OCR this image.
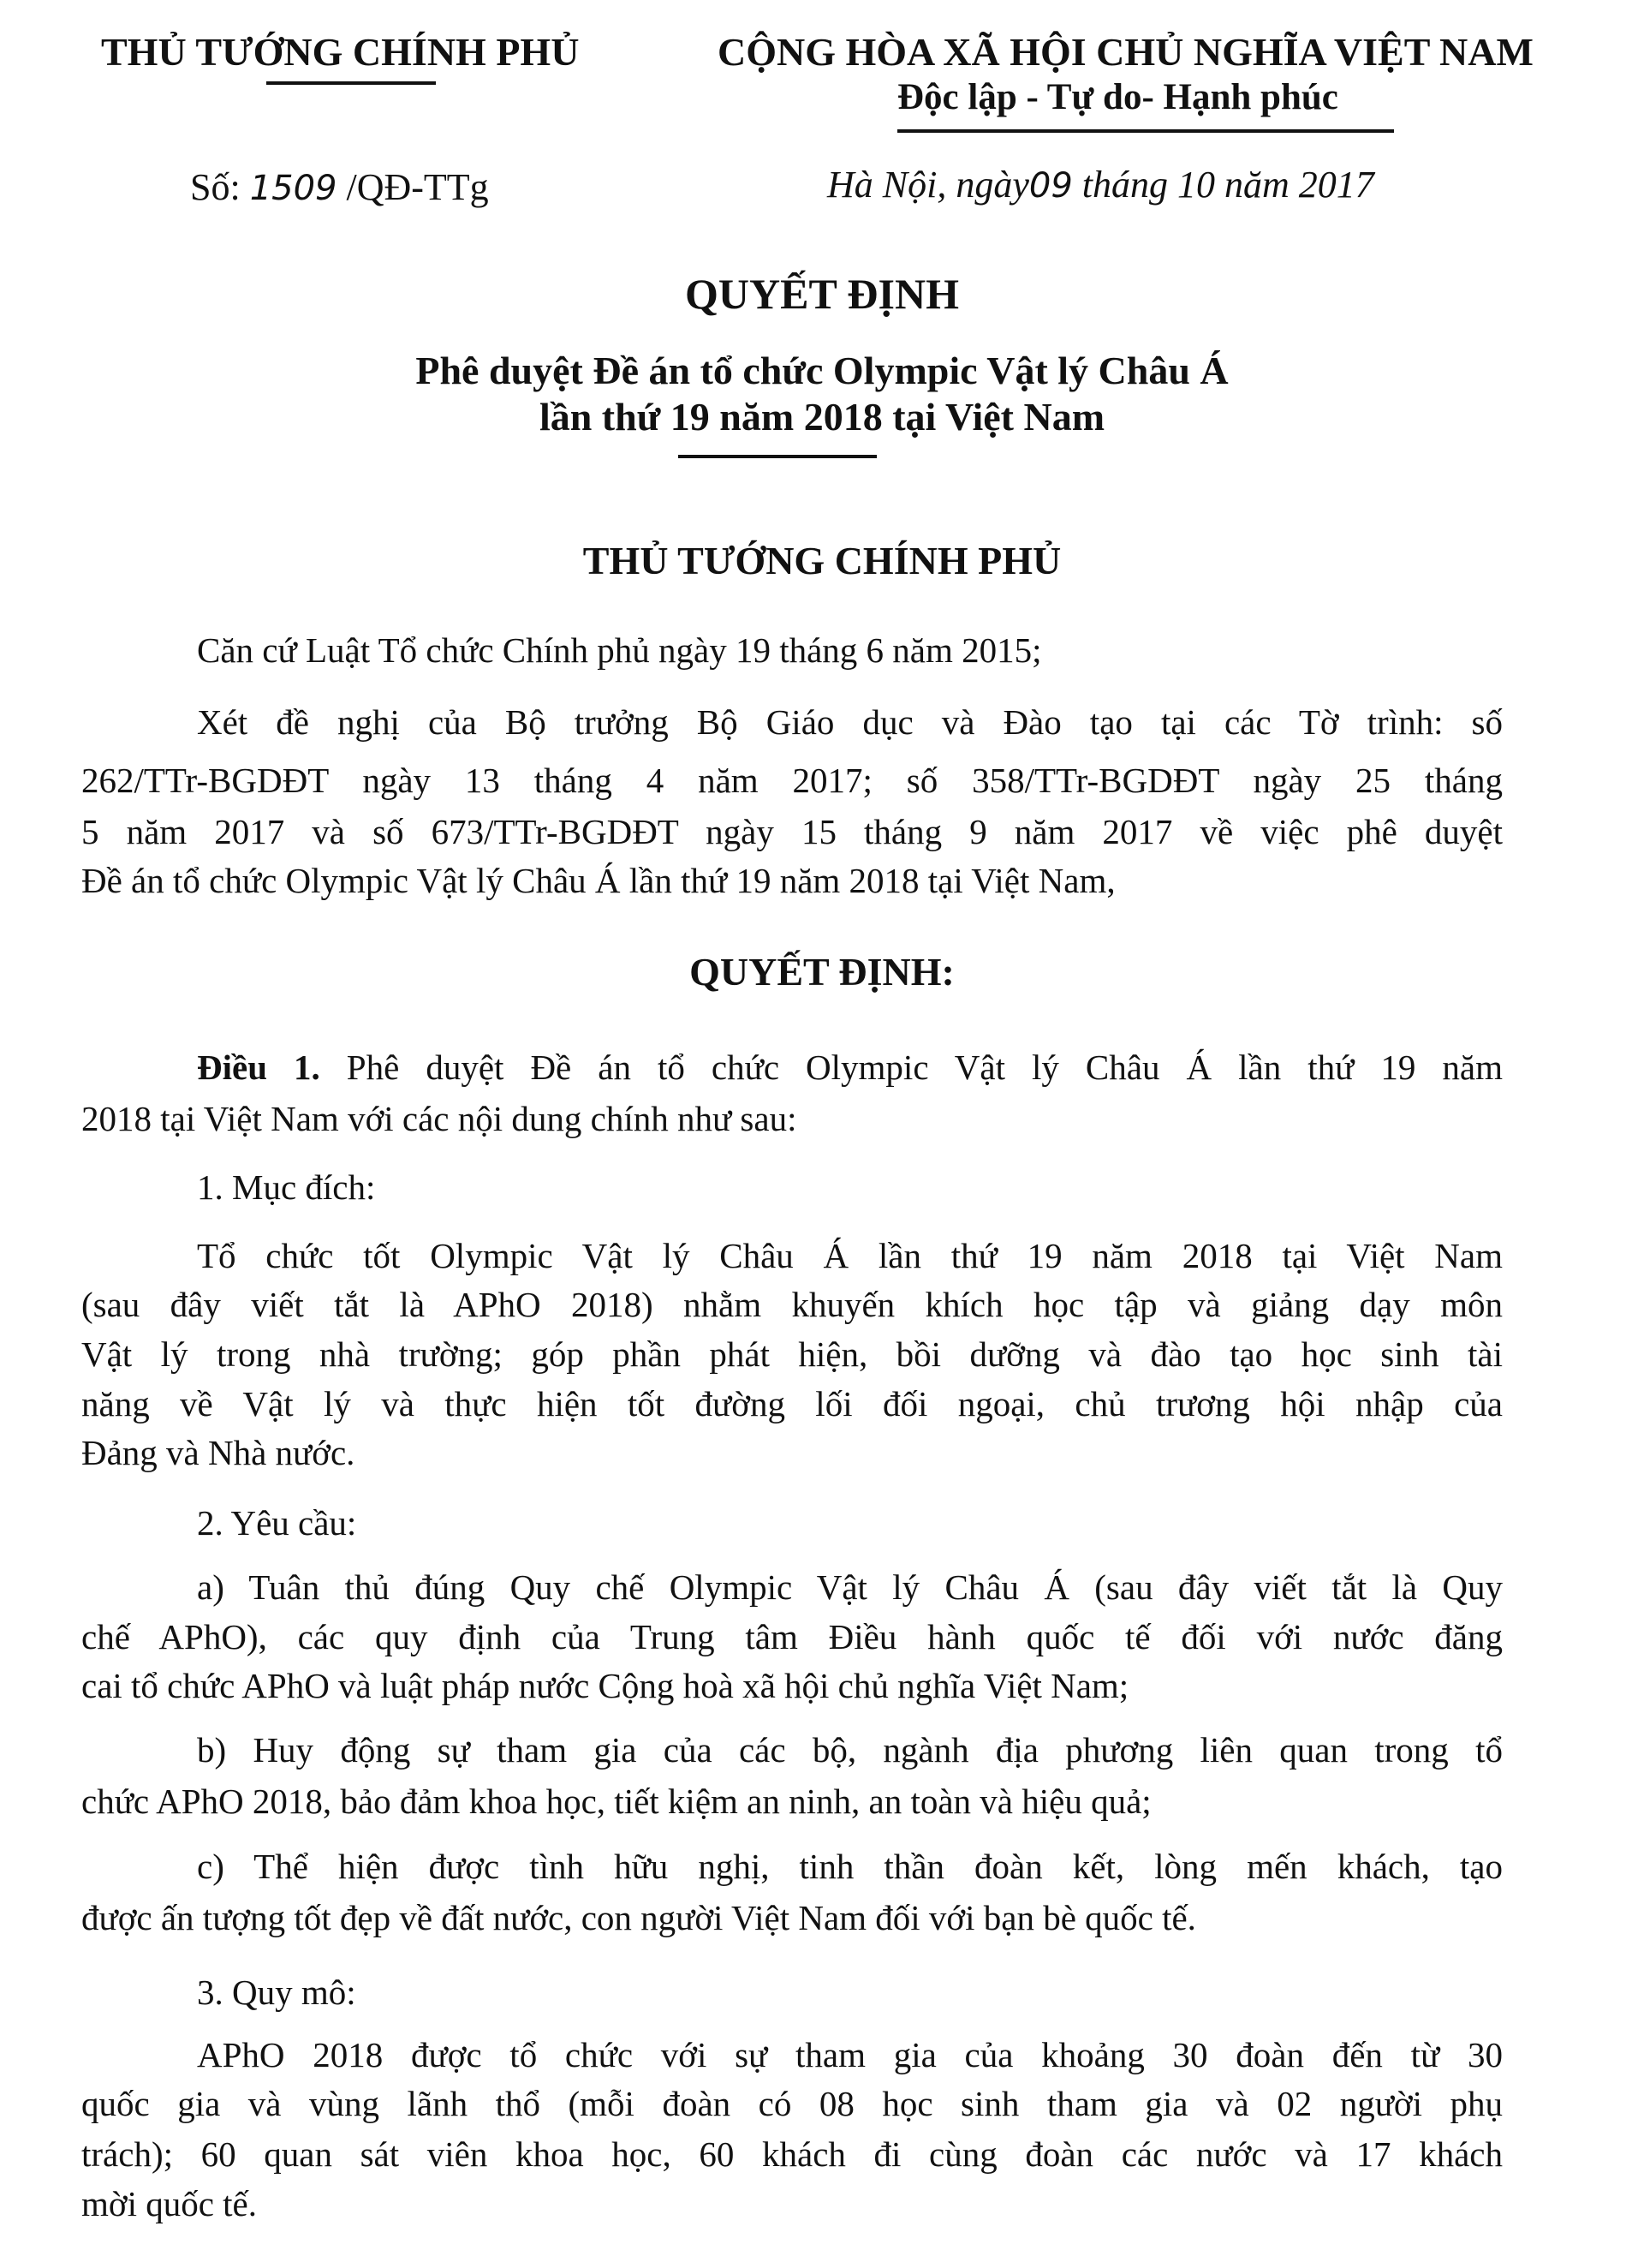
THỦ TƯỚNG CHÍNH PHỦ	CỘNG HÒA XÃ HỘI CHỦ NGHĨA VIỆT NAM
Độc lập - Tự do- Hạnh phúc
Số: 1509 /QĐ-TTg	Hà Nội, ngày09 tháng 10 năm 2017
QUYẾT ĐỊNH
Phê duyệt Đề án tổ chức Olympic Vật lý Châu Á
lần thứ 19 năm 2018 tại Việt Nam
THỦ TƯỚNG CHÍNH PHỦ
Căn cứ Luật Tổ chức Chính phủ ngày 19 tháng 6 năm 2015;
Xét đề nghị của Bộ trưởng Bộ Giáo dục và Đào tạo tại các Tờ trình: số
262/TTr-BGDĐT ngày 13 tháng 4 năm 2017; số 358/TTr-BGDĐT ngày 25 tháng
5 năm 2017 và số 673/TTr-BGDĐT ngày 15 tháng 9 năm 2017 về việc phê duyệt
Đề án tổ chức Olympic Vật lý Châu Á lần thứ 19 năm 2018 tại Việt Nam,
QUYẾT ĐỊNH:
Điều 1. Phê duyệt Đề án tổ chức Olympic Vật lý Châu Á lần thứ 19 năm
2018 tại Việt Nam với các nội dung chính như sau:
1. Mục đích:
Tổ chức tốt Olympic Vật lý Châu Á lần thứ 19 năm 2018 tại Việt Nam
(sau đây viết tắt là APhO 2018) nhằm khuyến khích học tập và giảng dạy môn
Vật lý trong nhà trường; góp phần phát hiện, bồi dưỡng và đào tạo học sinh tài
năng về Vật lý và thực hiện tốt đường lối đối ngoại, chủ trương hội nhập của
Đảng và Nhà nước.
2. Yêu cầu:
a) Tuân thủ đúng Quy chế Olympic Vật lý Châu Á (sau đây viết tắt là Quy
chế APhO), các quy định của Trung tâm Điều hành quốc tế đối với nước đăng
cai tổ chức APhO và luật pháp nước Cộng hoà xã hội chủ nghĩa Việt Nam;
b) Huy động sự tham gia của các bộ, ngành địa phương liên quan trong tổ
chức APhO 2018, bảo đảm khoa học, tiết kiệm an ninh, an toàn và hiệu quả;
c) Thể hiện được tình hữu nghị, tinh thần đoàn kết, lòng mến khách, tạo
được ấn tượng tốt đẹp về đất nước, con người Việt Nam đối với bạn bè quốc tế.
3. Quy mô:
APhO 2018 được tổ chức với sự tham gia của khoảng 30 đoàn đến từ 30
quốc gia và vùng lãnh thổ (mỗi đoàn có 08 học sinh tham gia và 02 người phụ
trách); 60 quan sát viên khoa học, 60 khách đi cùng đoàn các nước và 17 khách
mời quốc tế.
